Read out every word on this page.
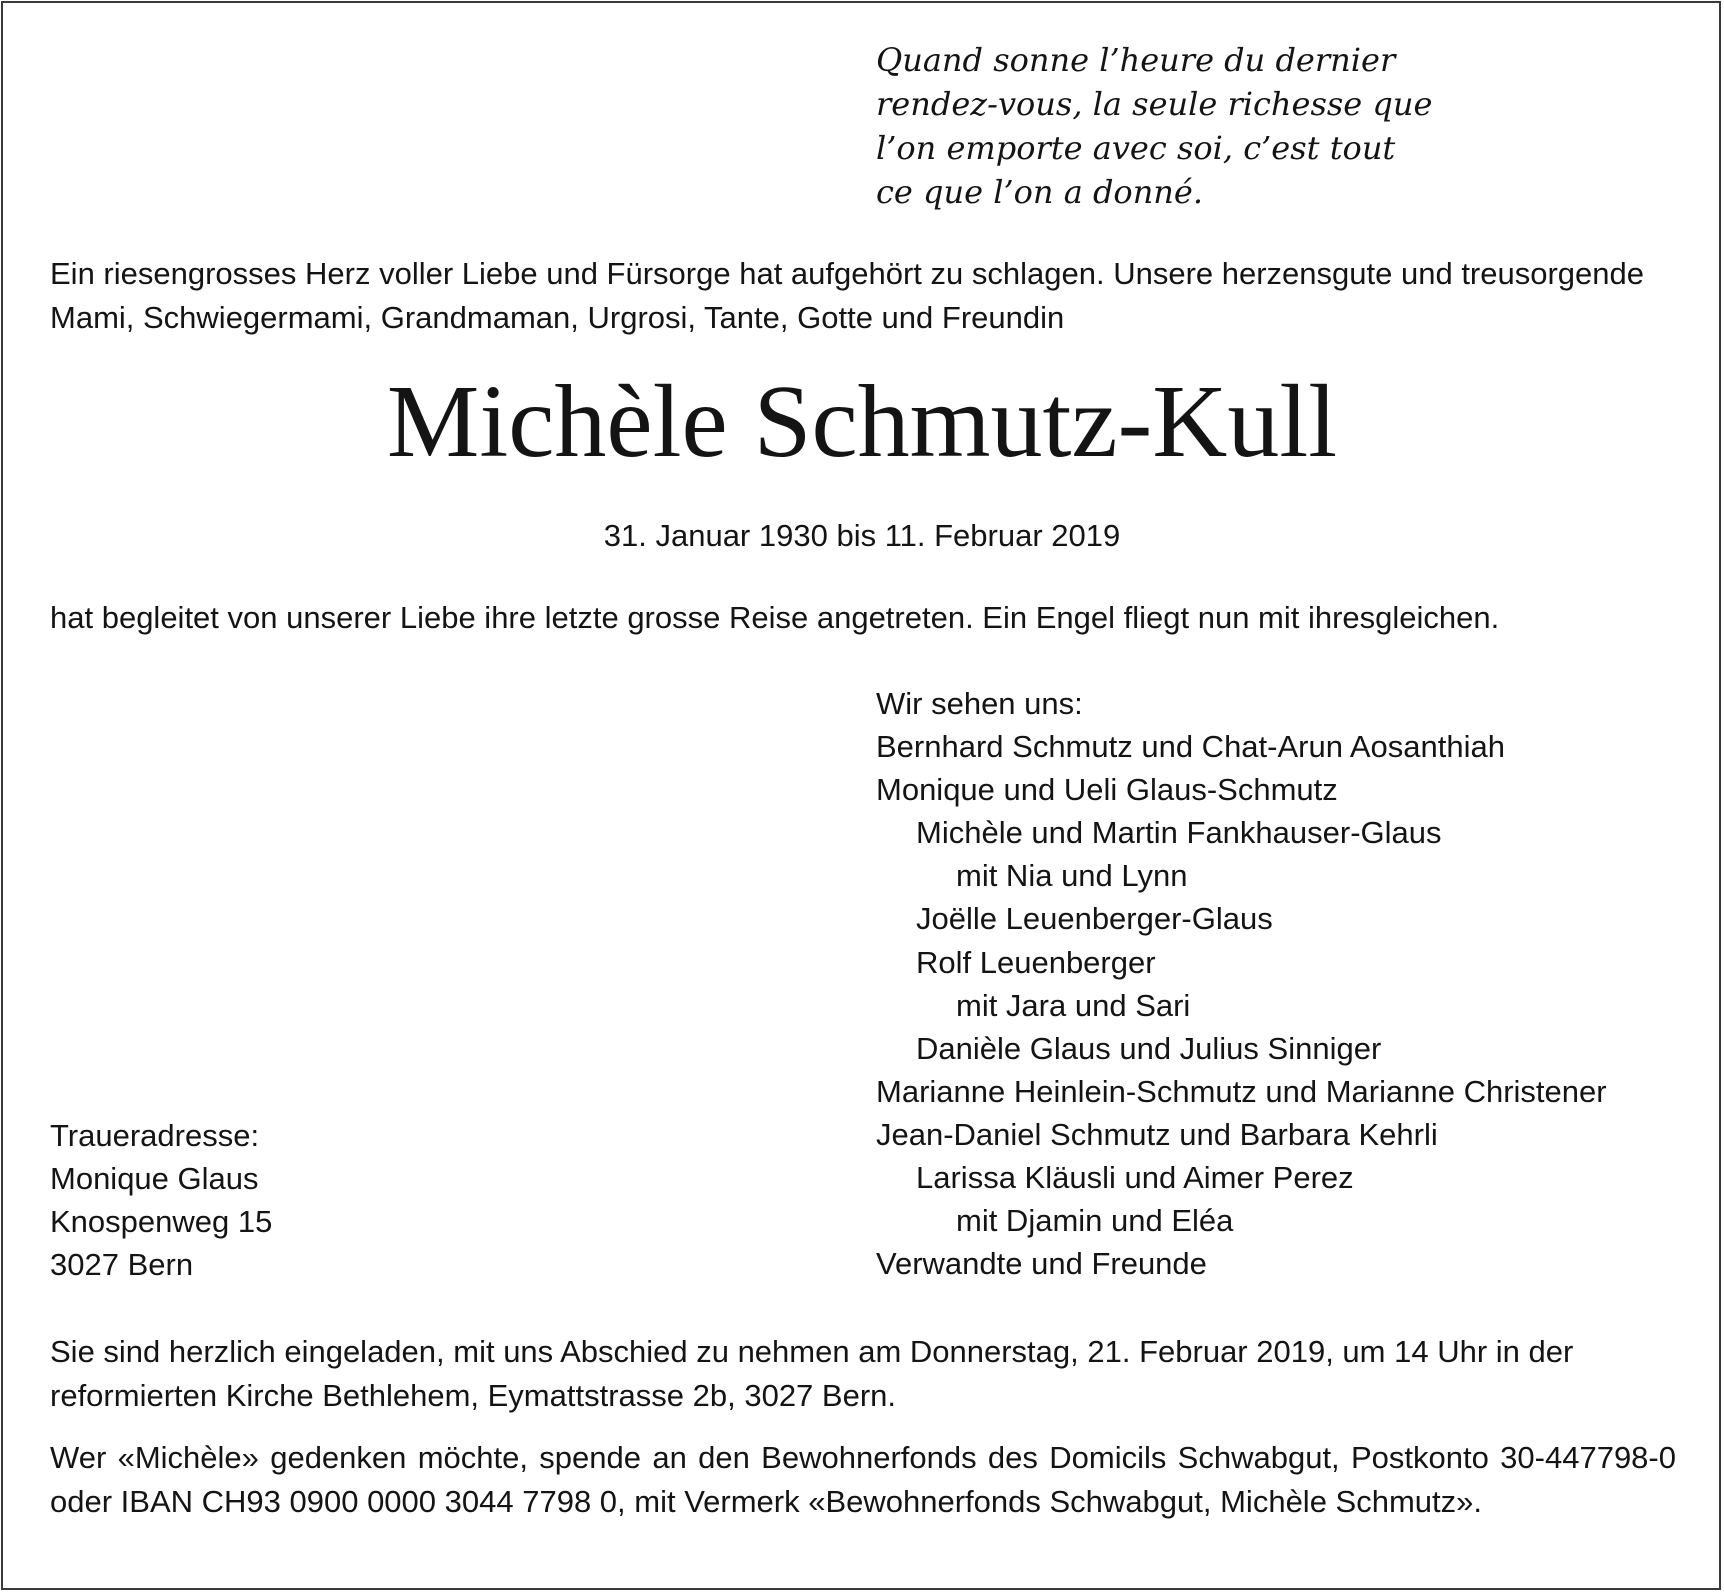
Quand sonne l’heure du dernier
rendez-vous, la seule richesse que
l’on emporte avec soi, c’est tout
ce que l’on a donné.
Ein riesengrosses Herz voller Liebe und Fürsorge hat aufgehört zu schlagen. Unsere herzensgute und treusorgende Mami, Schwiegermami, Grandmaman, Urgrosi, Tante, Gotte und Freundin
Michèle Schmutz-Kull
31. Januar 1930 bis 11. Februar 2019
hat begleitet von unserer Liebe ihre letzte grosse Reise angetreten. Ein Engel fliegt nun mit ihresgleichen.
Wir sehen uns:
Bernhard Schmutz und Chat-Arun Aosanthiah
Monique und Ueli Glaus-Schmutz
Michèle und Martin Fankhauser-Glaus
mit Nia und Lynn
Joëlle Leuenberger-Glaus
Rolf Leuenberger
mit Jara und Sari
Danièle Glaus und Julius Sinniger
Marianne Heinlein-Schmutz und Marianne Christener
Jean-Daniel Schmutz und Barbara Kehrli
Larissa Kläusli und Aimer Perez
mit Djamin und Eléa
Verwandte und Freunde
Traueradresse:
Monique Glaus
Knospenweg 15
3027 Bern
Sie sind herzlich eingeladen, mit uns Abschied zu nehmen am Donnerstag, 21. Februar 2019, um 14 Uhr in der reformierten Kirche Bethlehem, Eymattstrasse 2b, 3027 Bern.
Wer «Michèle» gedenken möchte, spende an den Bewohnerfonds des Domicils Schwabgut, Postkonto 30-447798-0 oder IBAN CH93 0900 0000 3044 7798 0, mit Vermerk «Bewohnerfonds Schwabgut, Michèle Schmutz».
